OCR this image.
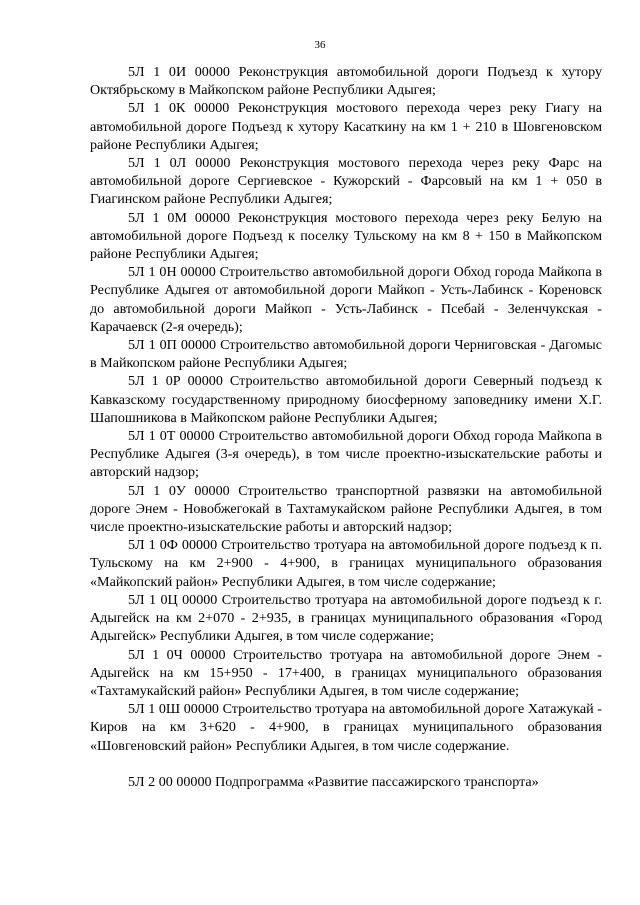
36

5Л 1 0И 00000 Реконструкция автомобильной дороги Подъезд к хутору Октябрьскому в Майкопском районе Республики Адыгея;

5Л 1 0К 00000 Реконструкция мостового перехода через реку Гиагу на автомобильной дороге Подъезд к хутору Касаткину на км 1 + 210 в Шовгеновском районе Республики Адыгея;

5Л 1 0Л 00000 Реконструкция мостового перехода через реку Фарс на автомобильной дороге Сергиевское - Кужорский - Фарсовый на км 1 + 050 в Гиагинском районе Республики Адыгея;

5Л 1 0М 00000 Реконструкция мостового перехода через реку Белую на автомобильной дороге Подъезд к поселку Тульскому на км 8 + 150 в Майкопском районе Республики Адыгея;

5Л 1 0Н 00000 Строительство автомобильной дороги Обход города Майкопа в Республике Адыгея от автомобильной дороги Майкоп - Усть-Лабинск - Кореновск до автомобильной дороги Майкоп - Усть-Лабинск - Псебай - Зеленчукская - Карачаевск (2-я очередь);

5Л 1 0П 00000 Строительство автомобильной дороги Черниговская - Дагомыс в Майкопском районе Республики Адыгея;

5Л 1 0Р 00000 Строительство автомобильной дороги Северный подъезд к Кавказскому государственному природному биосферному заповеднику имени Х.Г. Шапошникова в Майкопском районе Республики Адыгея;

5Л 1 0Т 00000 Строительство автомобильной дороги Обход города Майкопа в Республике Адыгея (3-я очередь), в том числе проектно-изыскательские работы и авторский надзор;

5Л 1 0У 00000 Строительство транспортной развязки на автомобильной дороге Энем - Новобжегокай в Тахтамукайском районе Республики Адыгея, в том числе проектно-изыскательские работы и авторский надзор;

5Л 1 0Ф 00000 Строительство тротуара на автомобильной дороге подъезд к п. Тульскому на км 2+900 - 4+900, в границах муниципального образования «Майкопский район» Республики Адыгея, в том числе содержание;

5Л 1 0Ц 00000 Строительство тротуара на автомобильной дороге подъезд к г. Адыгейск на км 2+070 - 2+935, в границах муниципального образования «Город Адыгейск» Республики Адыгея, в том числе содержание;

5Л 1 0Ч 00000 Строительство тротуара на автомобильной дороге Энем - Адыгейск на км 15+950 - 17+400, в границах муниципального образования «Тахтамукайский район» Республики Адыгея, в том числе содержание;

5Л 1 0Ш 00000 Строительство тротуара на автомобильной дороге Хатажукай - Киров на км 3+620 - 4+900, в границах муниципального образования «Шовгеновский район» Республики Адыгея, в том числе содержание.

5Л 2 00 00000 Подпрограмма «Развитие пассажирского транспорта»
